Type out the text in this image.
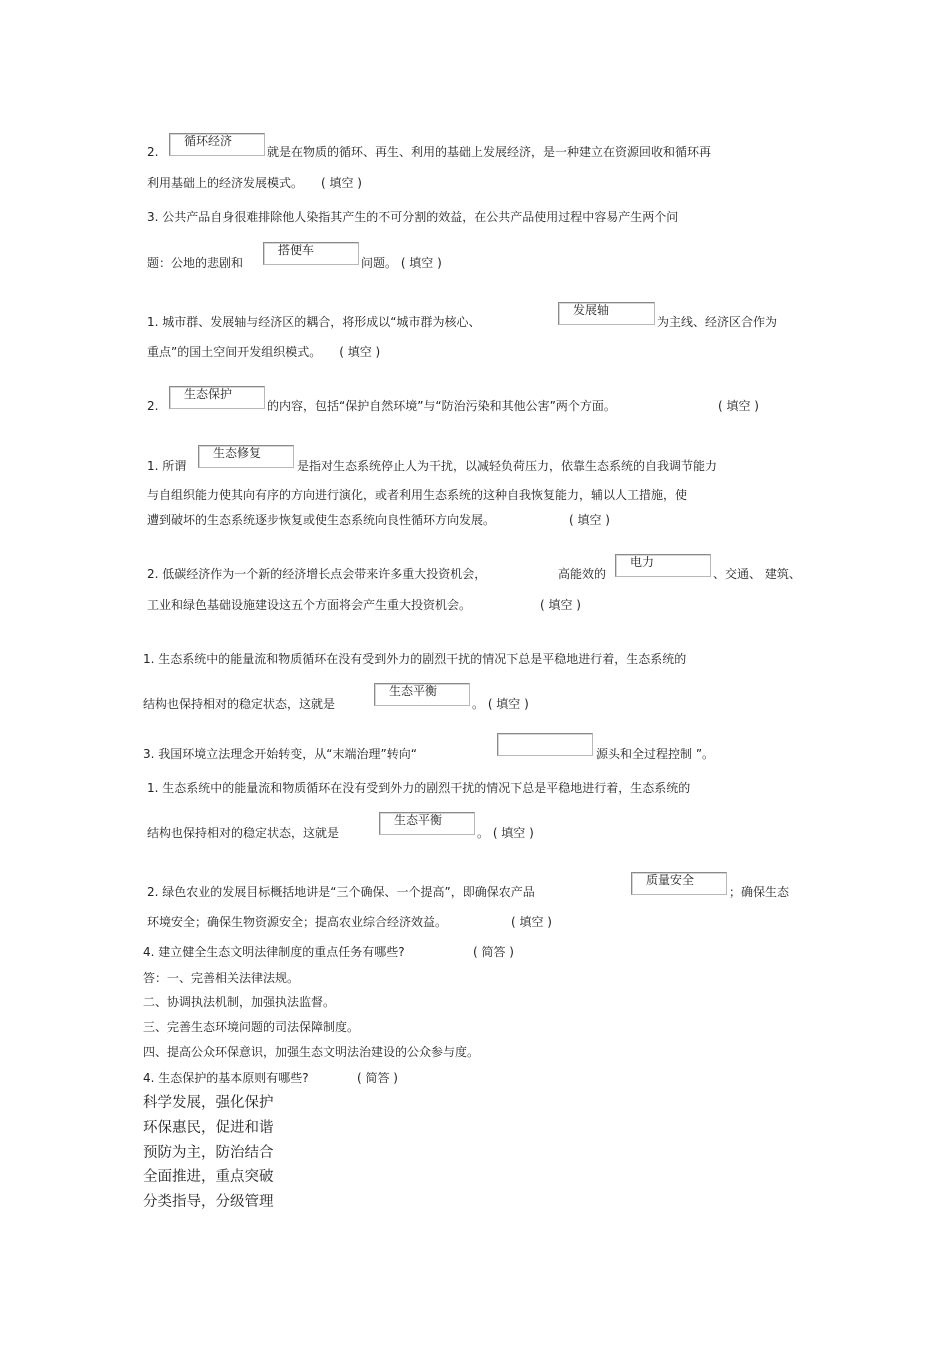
2.
循环经济
就是在物质的循环、再生、利用的基础上发展经济，是一种建立在资源回收和循环再
利用基础上的经济发展模式。　　( 填空 )
3. 公共产品自身很难排除他人染指其产生的不可分割的效益，在公共产品使用过程中容易产生两个问
题：公地的悲剧和
搭便车
问题。 ( 填空 )
1. 城市群、发展轴与经济区的耦合，将形成以“城市群为核心、
发展轴
为主线、经济区合作为
重点”的国土空间开发组织模式。　　( 填空 )
2.
生态保护
的内容，包括“保护自然环境”与“防治污染和其他公害”两个方面。	( 填空 )
1. 所谓
生态修复
是指对生态系统停止人为干扰，以减轻负荷压力，依靠生态系统的自我调节能力
与自组织能力使其向有序的方向进行演化，或者利用生态系统的这种自我恢复能力，辅以人工措施，使
遭到破坏的生态系统逐步恢复或使生态系统向良性循环方向发展。	( 填空 )
2. 低碳经济作为一个新的经济增长点会带来许多重大投资机会，	高能效的
电力
、交通、 建筑、
工业和绿色基础设施建设这五个方面将会产生重大投资机会。	( 填空 )
1. 生态系统中的能量流和物质循环在没有受到外力的剧烈干扰的情况下总是平稳地进行着，生态系统的
结构也保持相对的稳定状态，这就是
生态平衡
。 ( 填空 )
3. 我国环境立法理念开始转变，从“末端治理”转向“	源头和全过程控制 ”。
1. 生态系统中的能量流和物质循环在没有受到外力的剧烈干扰的情况下总是平稳地进行着，生态系统的
结构也保持相对的稳定状态，这就是
生态平衡
。 ( 填空 )
2. 绿色农业的发展目标概括地讲是“三个确保、一个提高”，即确保农产品
质量安全
；确保生态
环境安全；确保生物资源安全；提高农业综合经济效益。	( 填空 )
4. 建立健全生态文明法律制度的重点任务有哪些?	( 简答 )
答：一、完善相关法律法规。
二、协调执法机制，加强执法监督。
三、完善生态环境问题的司法保障制度。
四、提高公众环保意识，加强生态文明法治建设的公众参与度。
4. 生态保护的基本原则有哪些?	( 简答 )
科学发展，强化保护
环保惠民，促进和谐
预防为主，防治结合
全面推进，重点突破
分类指导，分级管理
